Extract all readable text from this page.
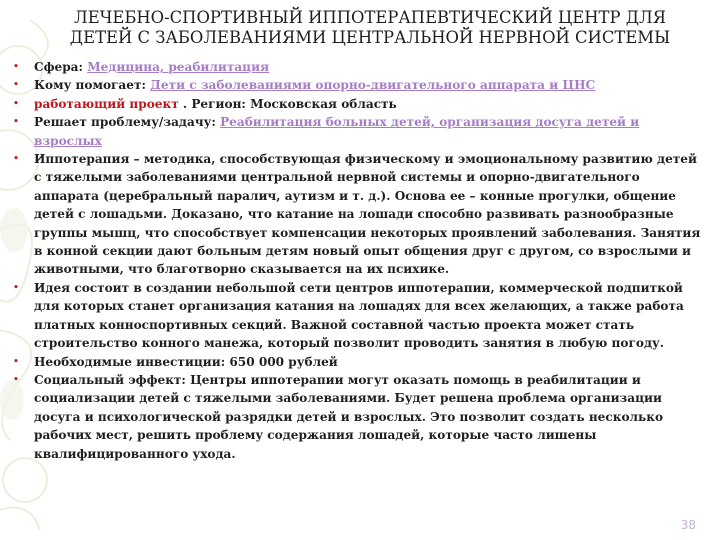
ЛЕЧЕБНО-СПОРТИВНЫЙ ИППОТЕРАПЕВТИЧЕСКИЙ ЦЕНТР ДЛЯ
ДЕТЕЙ С ЗАБОЛЕВАНИЯМИ ЦЕНТРАЛЬНОЙ НЕРВНОЙ СИСТЕМЫ
•	Сфера: Медицина, реабилитация
•	Кому помогает: Дети с заболеваниями опорно-двигательного аппарата и ЦНС
•	работающий проект . Регион: Московская область
•	Решает проблему/задачу: Реабилитация больных детей, организация досуга детей и взрослых
•	Иппотерапия – методика, способствующая физическому и эмоциональному развитию детей с тяжелыми заболеваниями центральной нервной системы и опорно-двигательного аппарата (церебральный паралич, аутизм и т. д.). Основа ее – конные прогулки, общение детей с лошадьми. Доказано, что катание на лошади способно развивать разнообразные группы мышц, что способствует компенсации некоторых проявлений заболевания. Занятия в конной секции дают больным детям новый опыт общения друг с другом, со взрослыми и животными, что благотворно сказывается на их психике.
•	Идея состоит в создании небольшой сети центров иппотерапии, коммерческой подпиткой для которых станет организация катания на лошадях для всех желающих, а также работа платных конноспортивных секций. Важной составной частью проекта может стать строительство конного манежа, который позволит проводить занятия в любую погоду.
•	Необходимые инвестиции: 650 000 рублей
•	Социальный эффект: Центры иппотерапии могут оказать помощь в реабилитации и социализации детей с тяжелыми заболеваниями. Будет решена проблема организации досуга и психологической разрядки детей и взрослых. Это позволит создать несколько рабочих мест, решить проблему содержания лошадей, которые часто лишены квалифицированного ухода.
38
